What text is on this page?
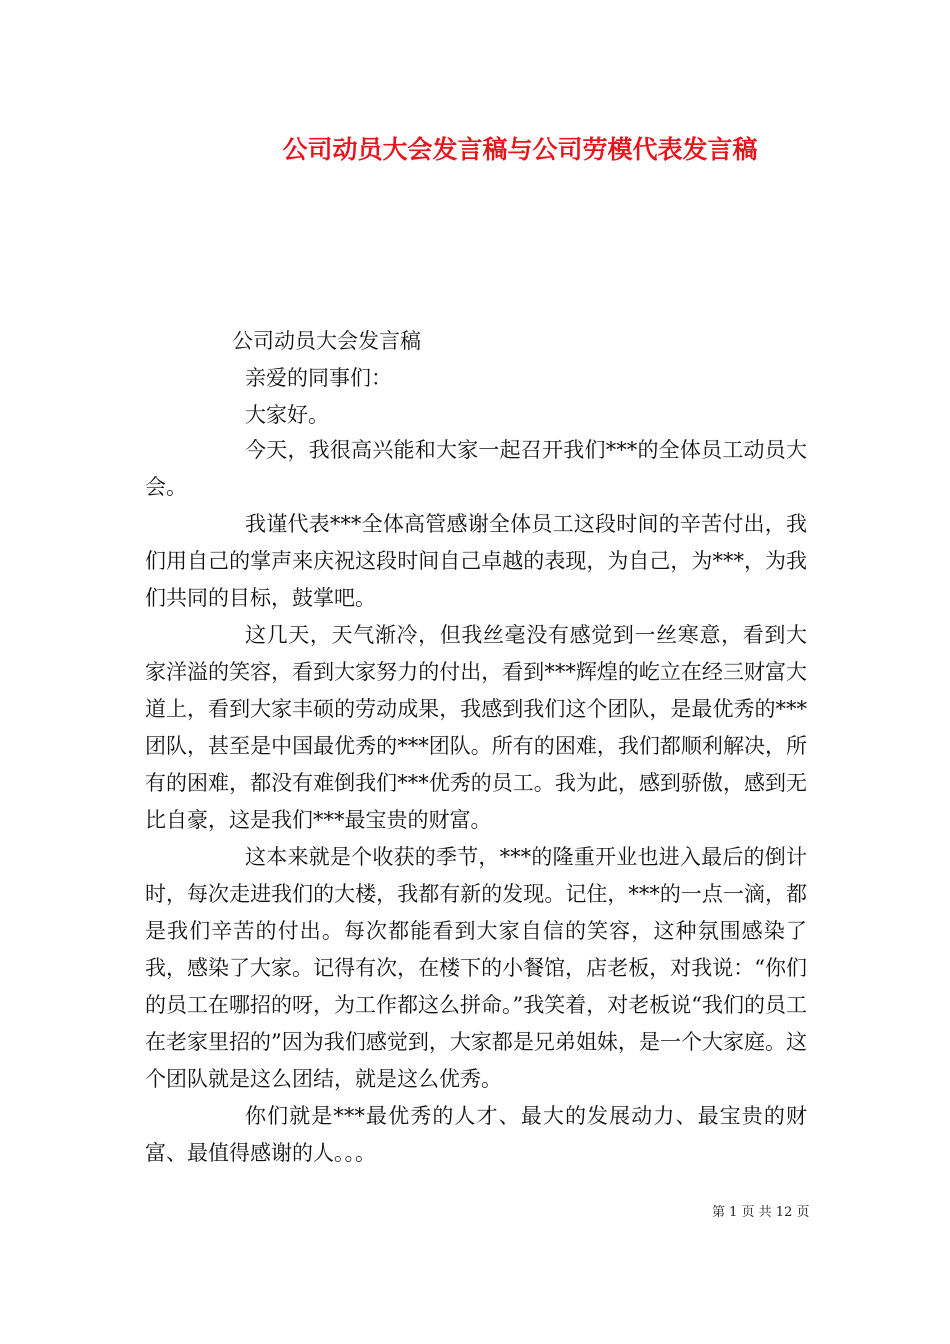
公司动员大会发言稿与公司劳模代表发言稿

公司动员大会发言稿

亲爱的同事们：

大家好。

今天，我很高兴能和大家一起召开我们***的全体员工动员大会。

我谨代表***全体高管感谢全体员工这段时间的辛苦付出，我们用自己的掌声来庆祝这段时间自己卓越的表现，为自己，为***，为我们共同的目标，鼓掌吧。

这几天，天气渐冷，但我丝毫没有感觉到一丝寒意，看到大家洋溢的笑容，看到大家努力的付出，看到***辉煌的屹立在经三财富大道上，看到大家丰硕的劳动成果，我感到我们这个团队，是最优秀的***团队，甚至是中国最优秀的***团队。所有的困难，我们都顺利解决，所有的困难，都没有难倒我们***优秀的员工。我为此，感到骄傲，感到无比自豪，这是我们***最宝贵的财富。

这本来就是个收获的季节，***的隆重开业也进入最后的倒计时，每次走进我们的大楼，我都有新的发现。记住，***的一点一滴，都是我们辛苦的付出。每次都能看到大家自信的笑容，这种氛围感染了我，感染了大家。记得有次，在楼下的小餐馆，店老板，对我说：“你们的员工在哪招的呀，为工作都这么拼命。”我笑着，对老板说“我们的员工在老家里招的”因为我们感觉到，大家都是兄弟姐妹，是一个大家庭。这个团队就是这么团结，就是这么优秀。

你们就是***最优秀的人才、最大的发展动力、最宝贵的财富、最值得感谢的人。。。

第 1 页 共 12 页
